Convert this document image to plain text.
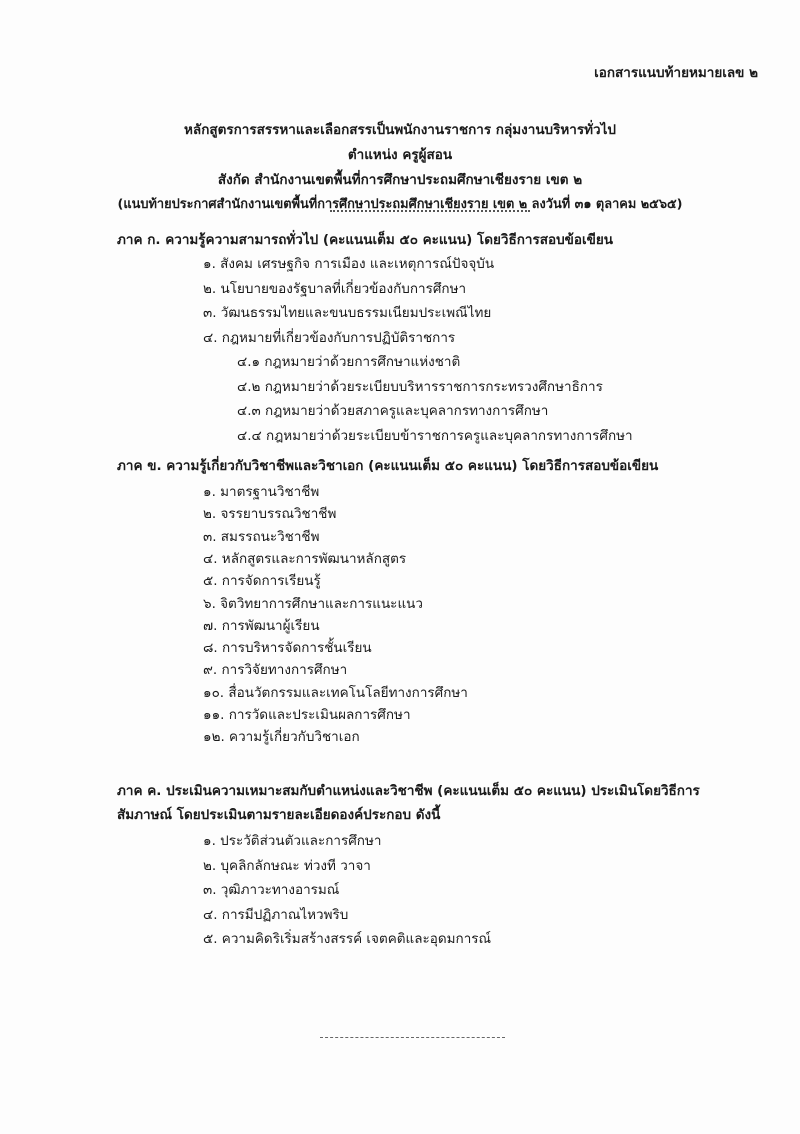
เอกสารแนบท้ายหมายเลข ๒
หลักสูตรการสรรหาและเลือกสรรเป็นพนักงานราชการ กลุ่มงานบริหารทั่วไป
ตำแหน่ง ครูผู้สอน
สังกัด สำนักงานเขตพื้นที่การศึกษาประถมศึกษาเชียงราย เขต ๒
(แนบท้ายประกาศสำนักงานเขตพื้นที่การศึกษาประถมศึกษาเชียงราย เขต ๒ ลงวันที่ ๓๑ ตุลาคม ๒๕๖๕)
ภาค ก. ความรู้ความสามารถทั่วไป (คะแนนเต็ม ๕๐ คะแนน) โดยวิธีการสอบข้อเขียน
ภาค ข. ความรู้เกี่ยวกับวิชาชีพและวิชาเอก (คะแนนเต็ม ๕๐ คะแนน) โดยวิธีการสอบข้อเขียน
ภาค ค. ประเมินความเหมาะสมกับตำแหน่งและวิชาชีพ (คะแนนเต็ม ๕๐ คะแนน) ประเมินโดยวิธีการ
สัมภาษณ์ โดยประเมินตามรายละเอียดองค์ประกอบ ดังนี้
๑. สังคม เศรษฐกิจ การเมือง และเหตุการณ์ปัจจุบัน
๒. นโยบายของรัฐบาลที่เกี่ยวข้องกับการศึกษา
๓. วัฒนธรรมไทยและขนบธรรมเนียมประเพณีไทย
๔. กฎหมายที่เกี่ยวข้องกับการปฏิบัติราชการ
๔.๑ กฎหมายว่าด้วยการศึกษาแห่งชาติ
๔.๒ กฎหมายว่าด้วยระเบียบบริหารราชการกระทรวงศึกษาธิการ
๔.๓ กฎหมายว่าด้วยสภาครูและบุคลากรทางการศึกษา
๔.๔ กฎหมายว่าด้วยระเบียบข้าราชการครูและบุคลากรทางการศึกษา
๑. มาตรฐานวิชาชีพ
๒. จรรยาบรรณวิชาชีพ
๓. สมรรถนะวิชาชีพ
๔. หลักสูตรและการพัฒนาหลักสูตร
๕. การจัดการเรียนรู้
๖. จิตวิทยาการศึกษาและการแนะแนว
๗. การพัฒนาผู้เรียน
๘. การบริหารจัดการชั้นเรียน
๙. การวิจัยทางการศึกษา
๑๐. สื่อนวัตกรรมและเทคโนโลยีทางการศึกษา
๑๑. การวัดและประเมินผลการศึกษา
๑๒. ความรู้เกี่ยวกับวิชาเอก
๑. ประวัติส่วนตัวและการศึกษา
๒. บุคลิกลักษณะ ท่วงที วาจา
๓. วุฒิภาวะทางอารมณ์
๔. การมีปฏิภาณไหวพริบ
๕. ความคิดริเริ่มสร้างสรรค์ เจตคติและอุดมการณ์
